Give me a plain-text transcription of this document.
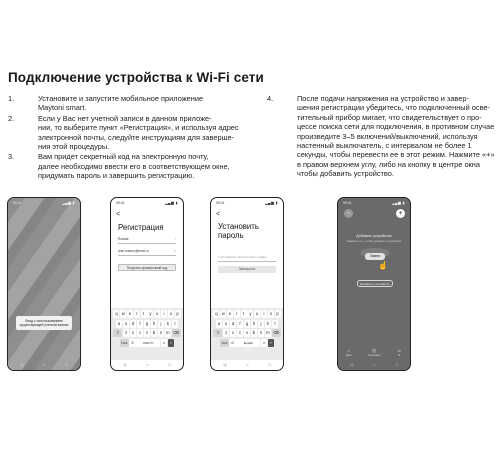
Подключение устройства к Wi-Fi сети
1.	Установите и запустите мобильное приложение
Maytoni smart.
2.	Если у Вас нет учетной записи в данном приложе-
нии, то выберите пункт «Регистрация», и используя адрес
электронной почты, следуйте инструкциям для заверше-
ния этой процедуры.
3.	Вам придет секретный код на электронную почту,
далее необходимо ввести его в соответствующем окне,
придумать пароль и завершить регистрацию.
4.	После подачи напряжения на устройство и завер-
шения регистрации убедитесь, что подключенный осве-
тительный прибор мигает, что свидетельствует о про-
цессе поиска сети для подключения, в противном случае
произведите 3–5 включений/выключений, используя
настенный выключатель, с интервалом не более 1
секунды, чтобы перевести ее в этот режим. Нажмите «+»
в правом верхнем углу, либо на кнопку в центре окна
чтобы добавить устройство.
09:41	▂▄▆ ▮
Вход с использованием
существующей учетной записи
◁	○	□
09:41	▂▄▆ ▮
<
Регистрация
Russia	›
ivan.ivanov@mail.ru	×
Получить проверочный код
q w e	r	t	y	u	i	o	p
a	s	d	f	g	h	j	k	l
⇧	z	x	c	v	b	n m ⌫
?123 ☺	UNICITY	⌕ ✓
◁	○	□
09:41	▂▄▆ ▮
<
Установить
пароль
6–20 символов, включая буквы и цифры
Завершено
q w e	r	t	y	u	i	o	p
a	s	d	f	g	h	j	k	l
⇧	z	x	c	v	b	n m ⌫
?123 ☺	English	⌕ ✓
◁	○	□
09:41	▂▄▆ ▮
✦	+
Добавить устройство
Нажмите «+», чтобы добавить устройство
Лампа
☝
Добавить устройство
⌂
Дом
◎
Сценарии
☺
Я
◁	○	□
